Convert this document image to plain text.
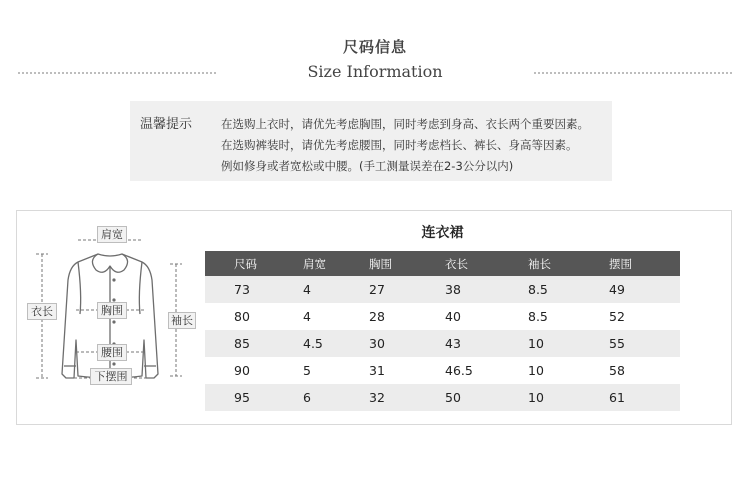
尺码信息
Size Information
温馨提示	在选购上衣时，请优先考虑胸围，同时考虑到身高、衣长两个重要因素。
在选购裤装时，请优先考虑腰围，同时考虑档长、裤长、身高等因素。
例如修身或者宽松或中腰。(手工测量误差在2-3公分以内)
肩宽
衣长	胸围
袖长
腰围
下摆围
连衣裙
尺码	肩宽	胸围	衣长	袖长	摆围
73	4	27	38	8.5	49
80	4	28	40	8.5	52
85	4.5	30	43	10	55
90	5	31	46.5	10	58
95	6	32	50	10	61
